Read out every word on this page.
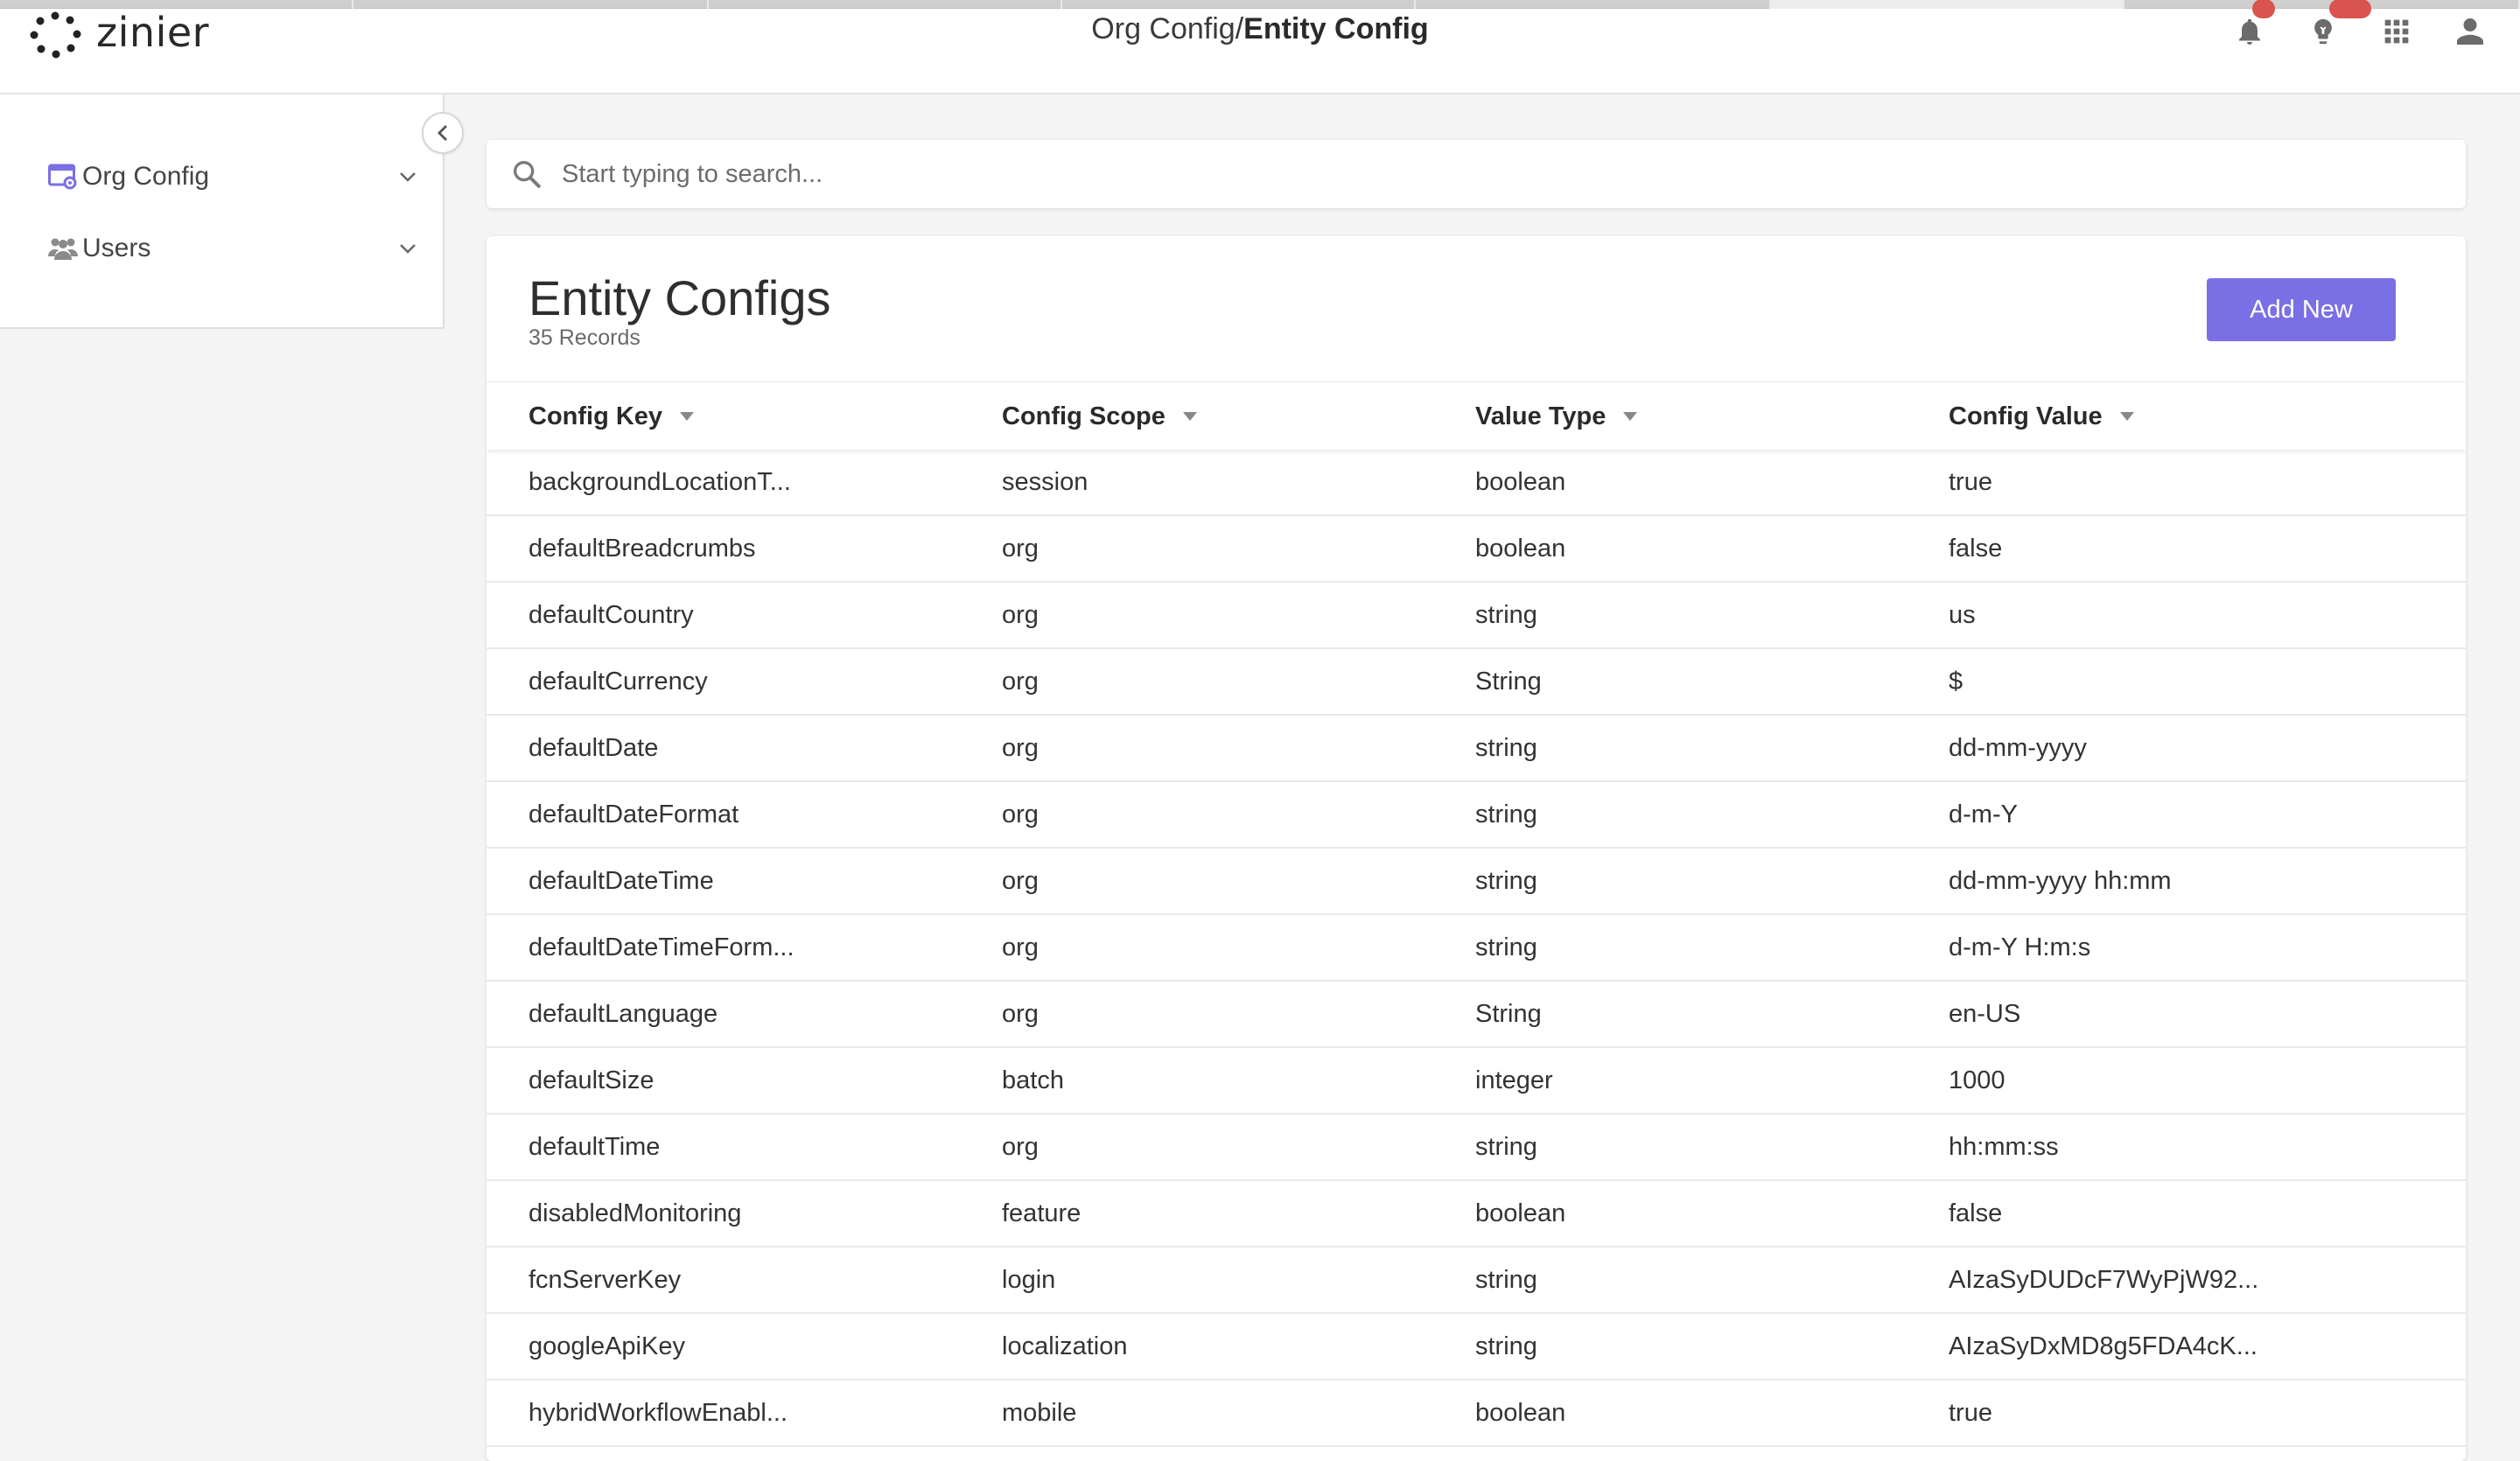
zinier	Org Config/Entity Config
Org Config
Users
Start typing to search...
Entity Configs
35 Records
Add New
Config Key	Config Scope	Value Type	Config Value
backgroundLocationT...	session	boolean	true
defaultBreadcrumbs	org	boolean	false
defaultCountry	org	string	us
defaultCurrency	org	String	$
defaultDate	org	string	dd-mm-yyyy
defaultDateFormat	org	string	d-m-Y
defaultDateTime	org	string	dd-mm-yyyy hh:mm
defaultDateTimeForm...	org	string	d-m-Y H:m:s
defaultLanguage	org	String	en-US
defaultSize	batch	integer	1000
defaultTime	org	string	hh:mm:ss
disabledMonitoring	feature	boolean	false
fcnServerKey	login	string	AIzaSyDUDcF7WyPjW92...
googleApiKey	localization	string	AIzaSyDxMD8g5FDA4cK...
hybridWorkflowEnabl...	mobile	boolean	true
